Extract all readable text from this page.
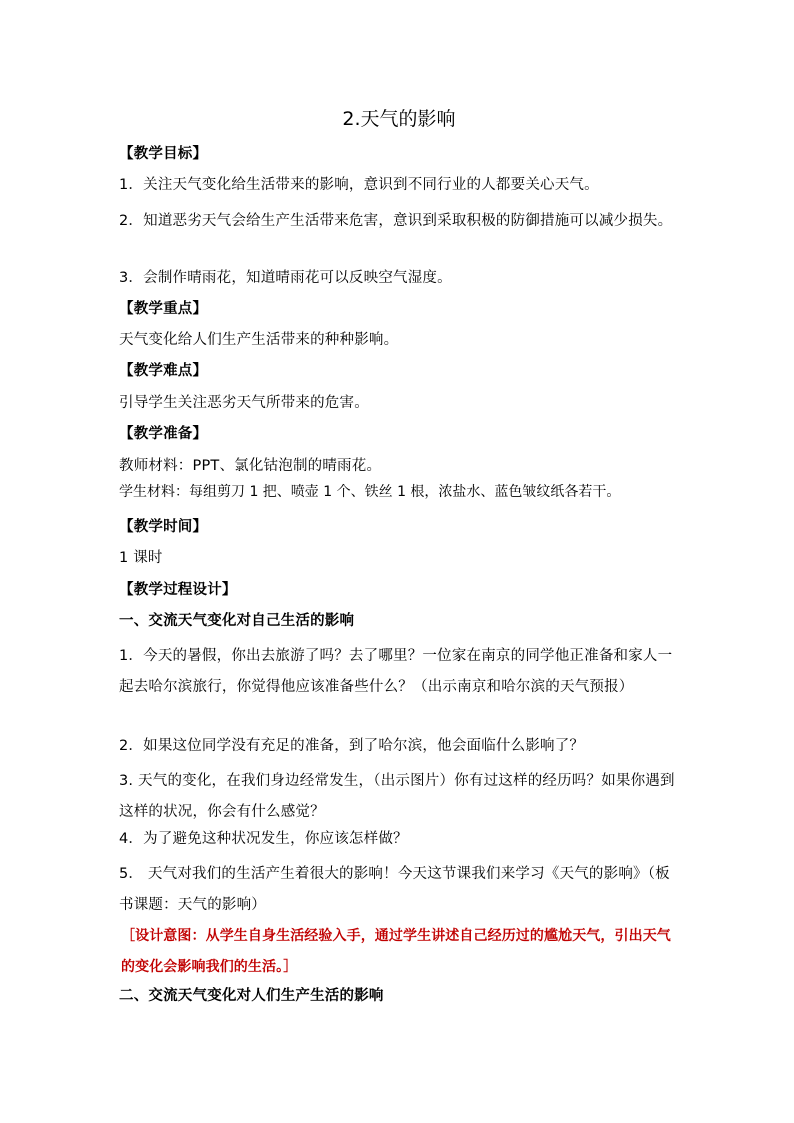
2.天气的影响
【教学目标】
1．关注天气变化给生活带来的影响，意识到不同行业的人都要关心天气。
2．知道恶劣天气会给生产生活带来危害，意识到采取积极的防御措施可以减少损失。
3．会制作晴雨花，知道晴雨花可以反映空气湿度。
【教学重点】
天气变化给人们生产生活带来的种种影响。
【教学难点】
引导学生关注恶劣天气所带来的危害。
【教学准备】
教师材料：PPT、氯化钴泡制的晴雨花。
学生材料：每组剪刀 1 把、喷壶 1 个、铁丝 1 根，浓盐水、蓝色皱纹纸各若干。
【教学时间】
1 课时
【教学过程设计】
一、交流天气变化对自己生活的影响
1．今天的暑假，你出去旅游了吗？去了哪里？一位家在南京的同学他正准备和家人一起去哈尔滨旅行，你觉得他应该准备些什么？（出示南京和哈尔滨的天气预报）
2．如果这位同学没有充足的准备，到了哈尔滨，他会面临什么影响了？
3. 天气的变化，在我们身边经常发生，（出示图片）你有过这样的经历吗？如果你遇到这样的状况，你会有什么感觉？
4．为了避免这种状况发生，你应该怎样做？
5． 天气对我们的生活产生着很大的影响！今天这节课我们来学习《天气的影响》（板书课题：天气的影响）
［设计意图：从学生自身生活经验入手，通过学生讲述自己经历过的尴尬天气，引出天气的变化会影响我们的生活。］
二、交流天气变化对人们生产生活的影响
